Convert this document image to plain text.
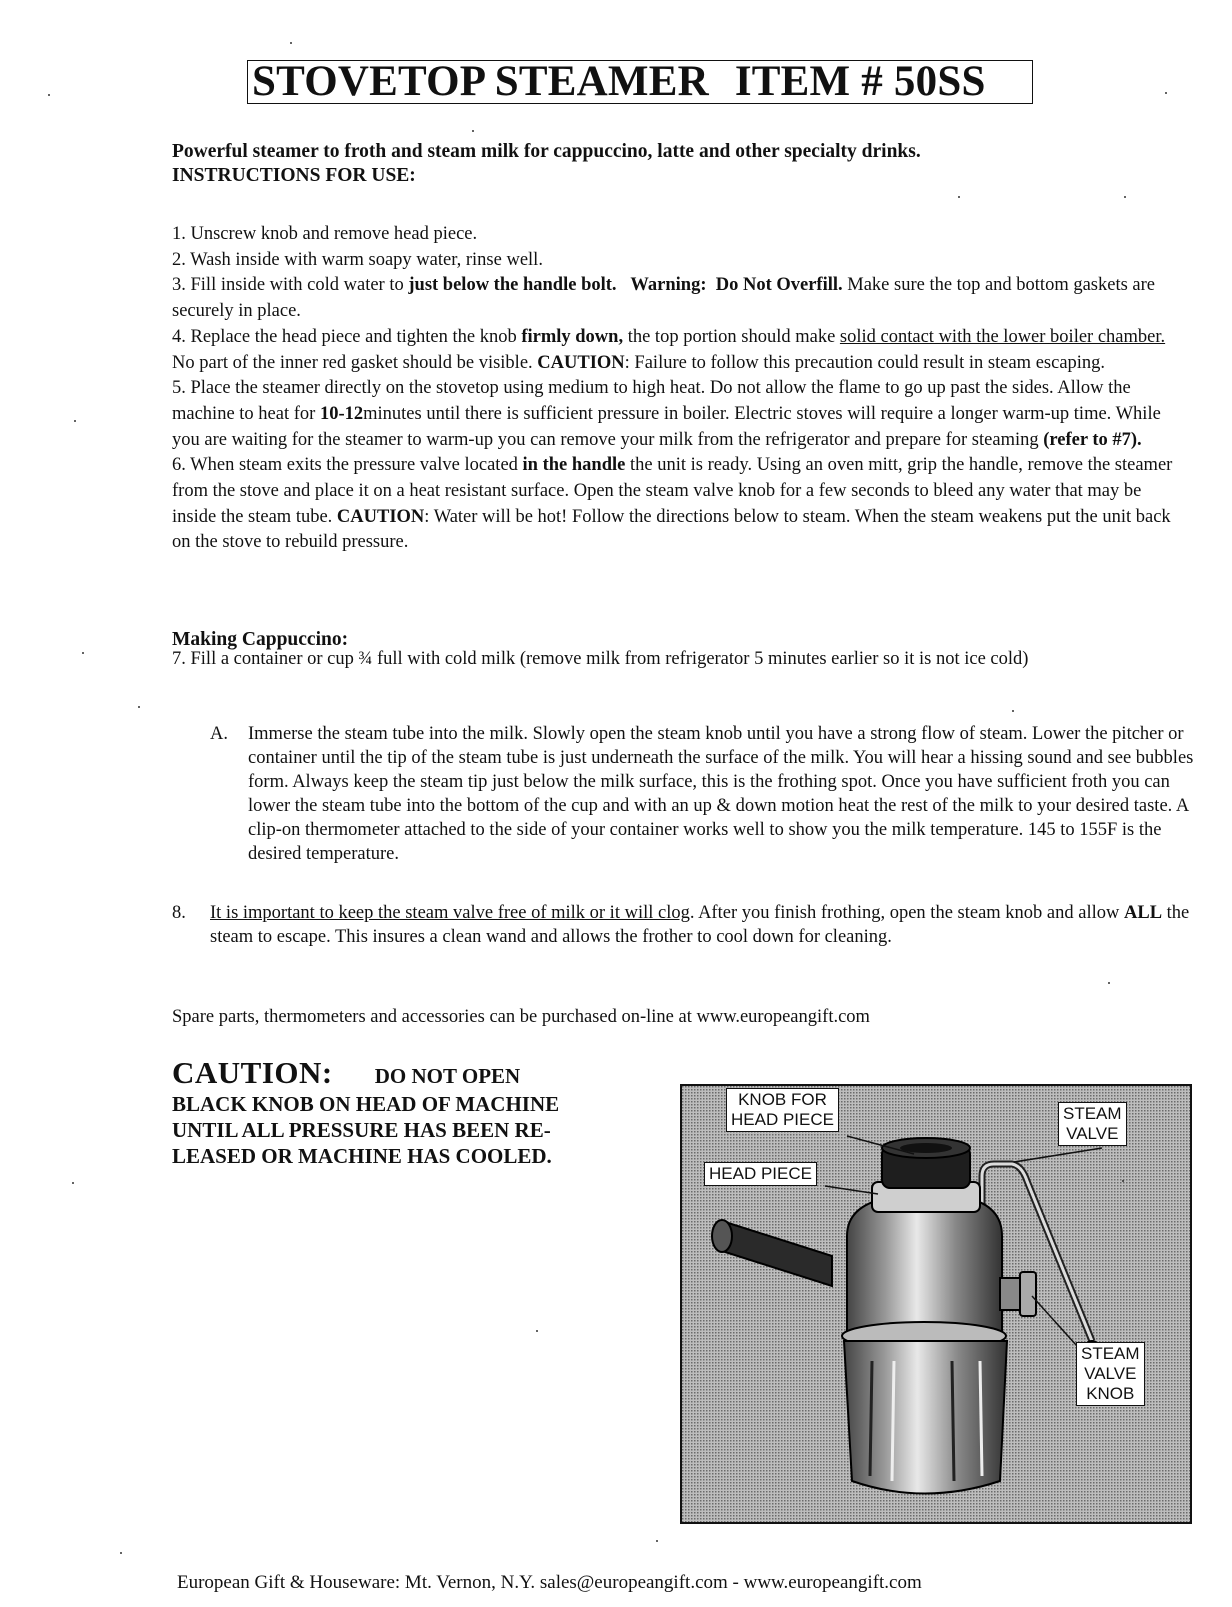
STOVETOP STEAMER ITEM # 50SS
Powerful steamer to froth and steam milk for cappuccino, latte and other specialty drinks.
INSTRUCTIONS FOR USE:

1. Unscrew knob and remove head piece.

2. Wash inside with warm soapy water, rinse well.

3. Fill inside with cold water to just below the handle bolt. Warning: Do Not Overfill. Make sure the top and bottom gaskets are securely in place.

4. Replace the head piece and tighten the knob firmly down, the top portion should make solid contact with the lower boiler chamber. No part of the inner red gasket should be visible. CAUTION: Failure to follow this precaution could result in steam escaping.

5. Place the steamer directly on the stovetop using medium to high heat. Do not allow the flame to go up past the sides. Allow the machine to heat for 10-12minutes until there is sufficient pressure in boiler. Electric stoves will require a longer warm-up time. While you are waiting for the steamer to warm-up you can remove your milk from the refrigerator and prepare for steaming (refer to #7).

6. When steam exits the pressure valve located in the handle the unit is ready. Using an oven mitt, grip the handle, remove the steamer from the stove and place it on a heat resistant surface. Open the steam valve knob for a few seconds to bleed any water that may be inside the steam tube. CAUTION: Water will be hot! Follow the directions below to steam. When the steam weakens put the unit back on the stove to rebuild pressure.

Making Cappuccino:
7. Fill a container or cup ¾ full with cold milk (remove milk from refrigerator 5 minutes earlier so it is not ice cold)
A.	Immerse the steam tube into the milk. Slowly open the steam knob until you have a strong flow of steam. Lower the pitcher or container until the tip of the steam tube is just underneath the surface of the milk. You will hear a hissing sound and see bubbles form. Always keep the steam tip just below the milk surface, this is the frothing spot. Once you have sufficient froth you can lower the steam tube into the bottom of the cup and with an up & down motion heat the rest of the milk to your desired taste. A clip-on thermometer attached to the side of your container works well to show you the milk temperature. 145 to 155F is the desired temperature.
8.	It is important to keep the steam valve free of milk or it will clog. After you finish frothing, open the steam knob and allow ALL the steam to escape. This insures a clean wand and allows the frother to cool down for cleaning.
Spare parts, thermometers and accessories can be purchased on-line at www.europeangift.com
CAUTION: DO NOT OPEN
BLACK KNOB ON HEAD OF MACHINE
UNTIL ALL PRESSURE HAS BEEN RE-
LEASED OR MACHINE HAS COOLED.
KNOB FOR
HEAD PIECE	STEAM
VALVE
HEAD PIECE
STEAM
VALVE
KNOB
European Gift & Houseware: Mt. Vernon, N.Y. sales@europeangift.com - www.europeangift.com
